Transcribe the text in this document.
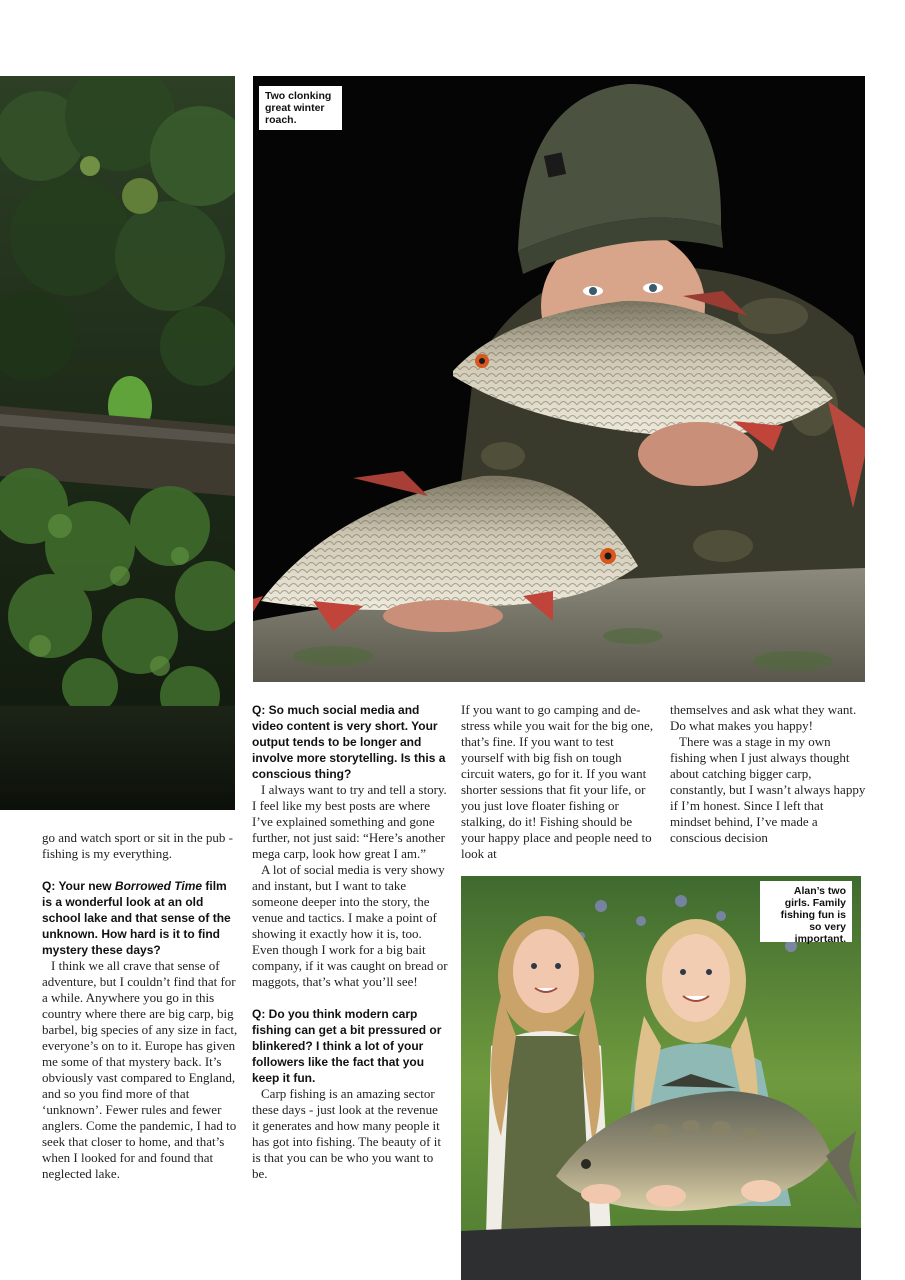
Two clonking great winter roach.
Alan’s two girls. Family fishing fun is so very important.

go and watch sport or sit in the pub - fishing is my everything.

Q: Your new Borrowed Time film is a wonderful look at an old school lake and that sense of the unknown. How hard is it to find mystery these days?

I think we all crave that sense of adventure, but I couldn’t find that for a while. Anywhere you go in this country where there are big carp, big barbel, big species of any size in fact, everyone’s on to it. Europe has given me some of that mystery back. It’s obviously vast compared to England, and so you find more of that ‘unknown’. Fewer rules and fewer anglers. Come the pandemic, I had to seek that closer to home, and that’s when I looked for and found that neglected lake.

Q: So much social media and video content is very short. Your output tends to be longer and involve more storytelling. Is this a conscious thing?

I always want to try and tell a story. I feel like my best posts are where I’ve explained something and gone further, not just said: “Here’s another mega carp, look how great I am.”

A lot of social media is very showy and instant, but I want to take someone deeper into the story, the venue and tactics. I make a point of showing it exactly how it is, too. Even though I work for a big bait company, if it was caught on bread or maggots, that’s what you’ll see!

Q: Do you think modern carp fishing can get a bit pressured or blinkered? I think a lot of your followers like the fact that you keep it fun.

Carp fishing is an amazing sector these days - just look at the revenue it generates and how many people it has got into fishing. The beauty of it is that you can be who you want to be.

If you want to go camping and de-stress while you wait for the big one, that’s fine. If you want to test yourself with big fish on tough circuit waters, go for it. If you want shorter sessions that fit your life, or you just love floater fishing or stalking, do it! Fishing should be your happy place and people need to look at

themselves and ask what they want. Do what makes you happy!

There was a stage in my own fishing when I just always thought about catching bigger carp, constantly, but I wasn’t always happy if I’m honest. Since I left that mindset behind, I’ve made a conscious decision
